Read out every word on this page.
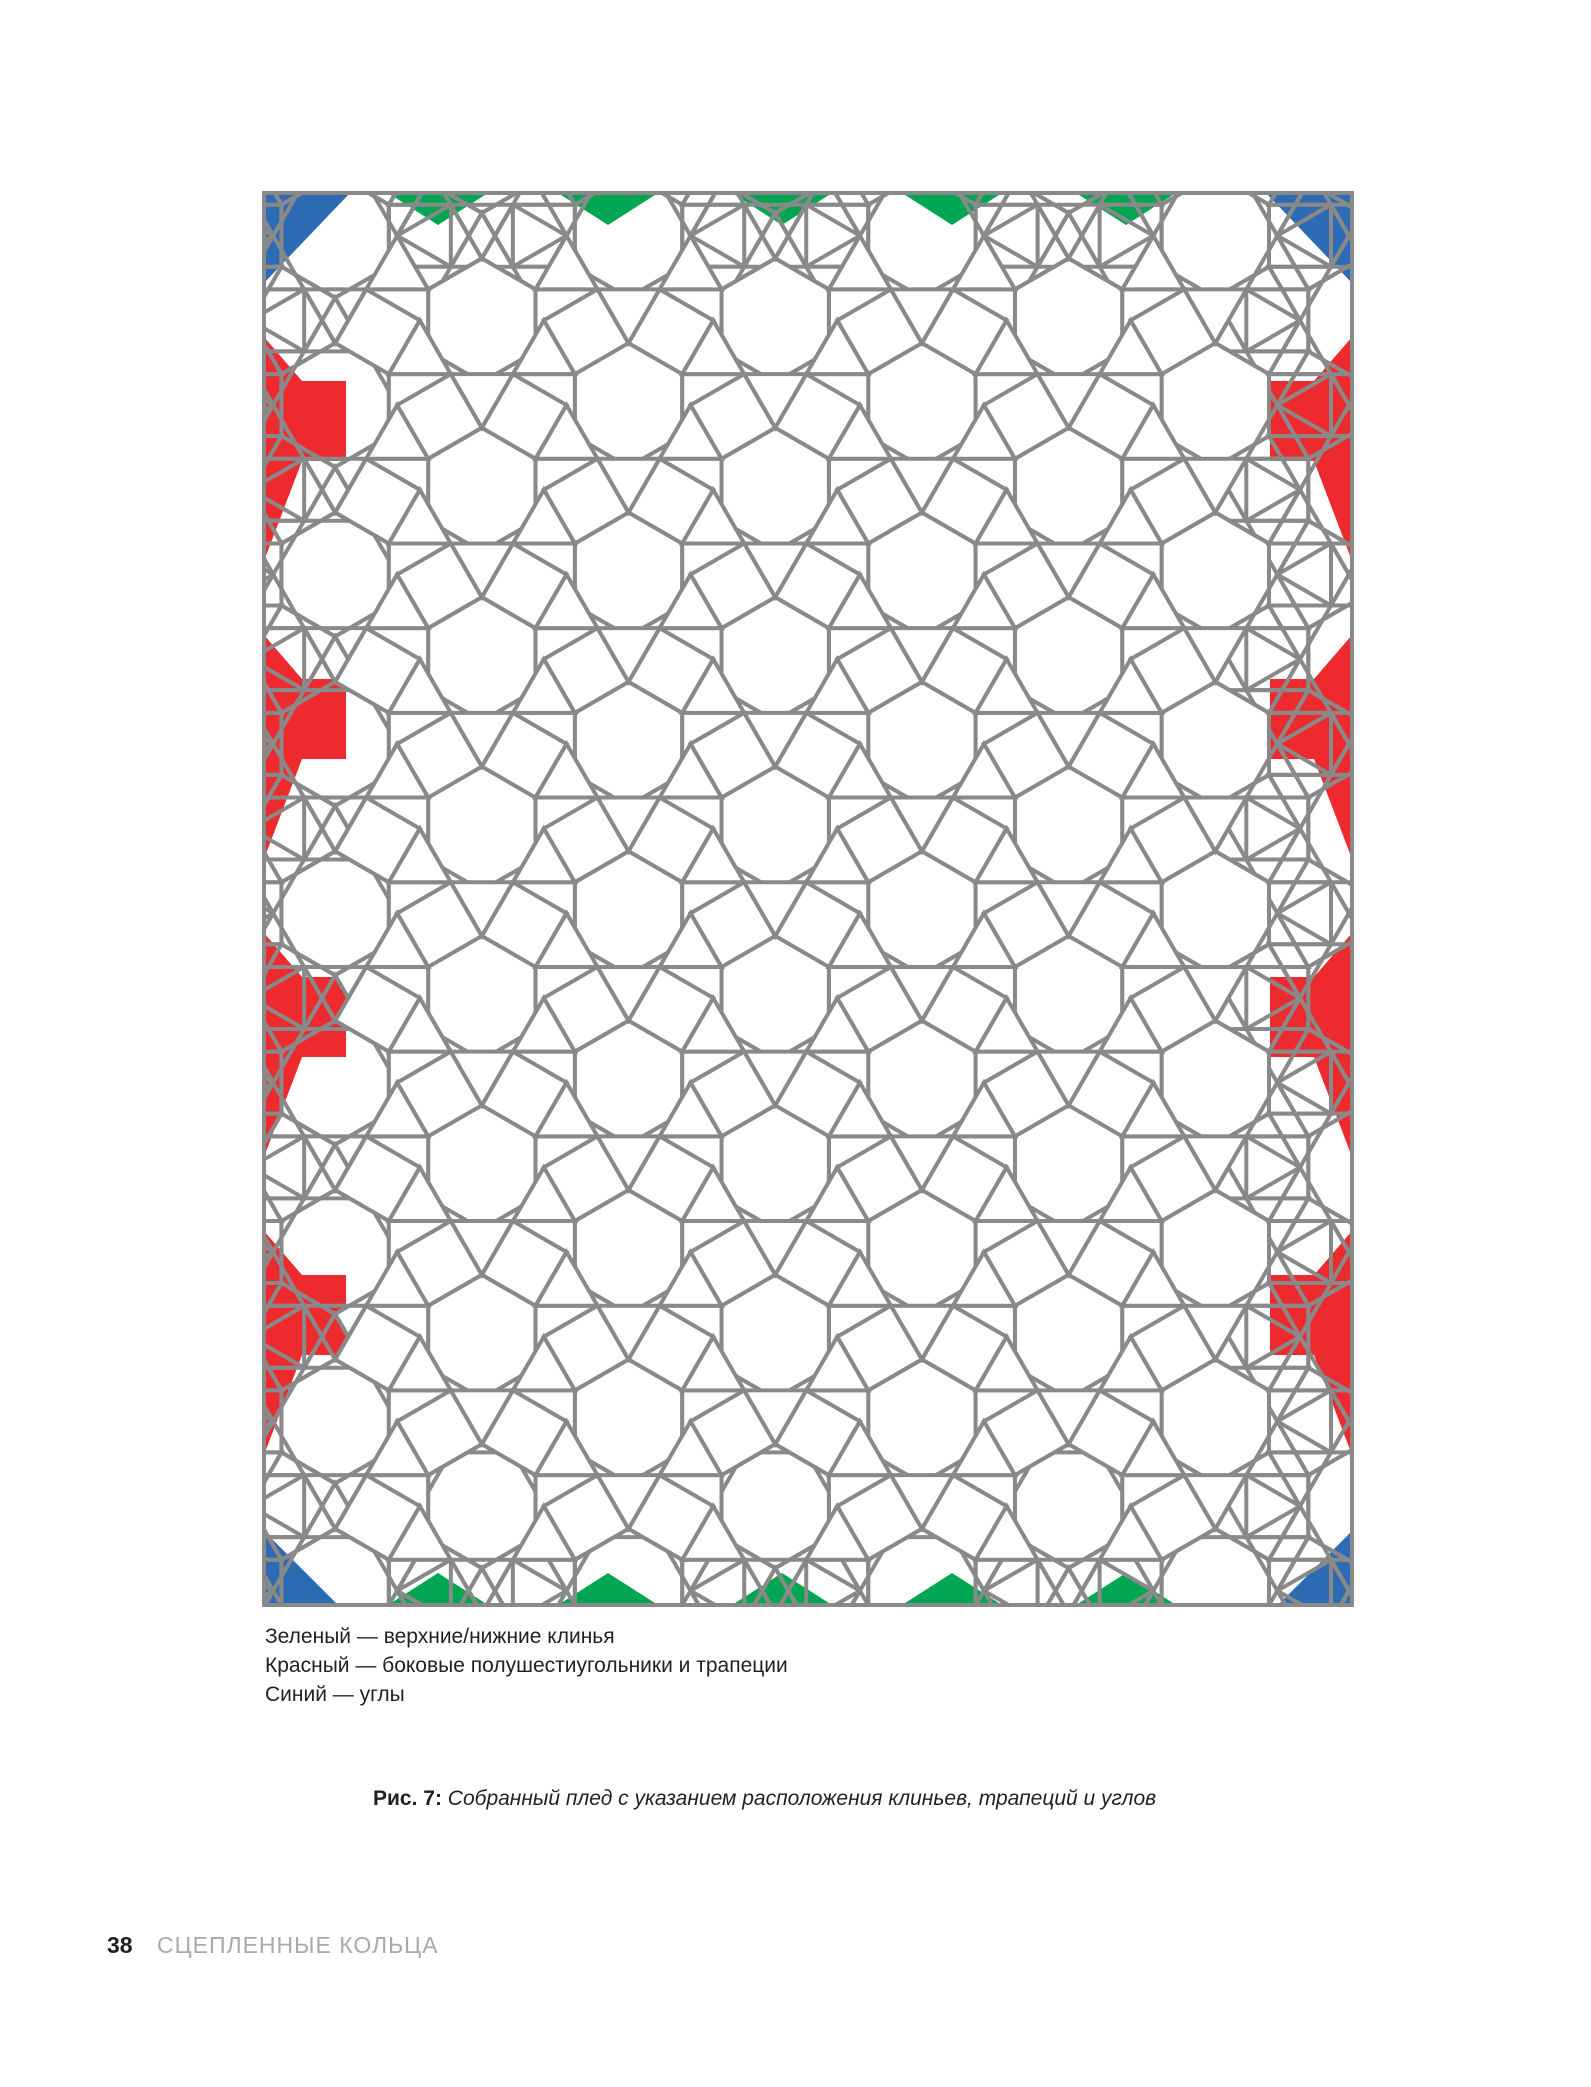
Зеленый — верхние/нижние клинья
Красный — боковые полушестиугольники и трапеции
Синий — углы
Рис. 7: Собранный плед с указанием расположения клиньев, трапеций и углов
38 СЦЕПЛЕННЫЕ КОЛЬЦА
